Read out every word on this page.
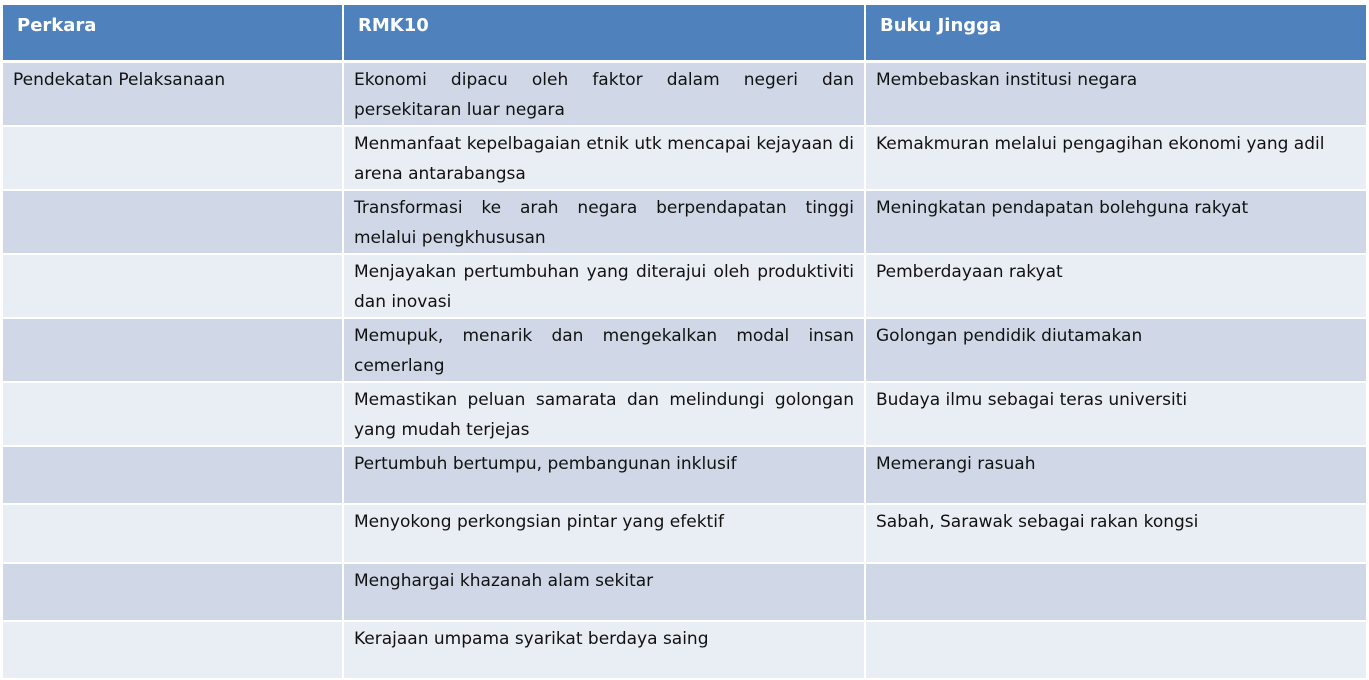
Perkara	RMK10	Buku Jingga
Pendekatan Pelaksanaan	Ekonomi dipacu oleh faktor dalam negeri dan persekitaran luar negara	Membebaskan institusi negara
	Menmanfaat kepelbagaian etnik utk mencapai kejayaan di arena antarabangsa	Kemakmuran melalui pengagihan ekonomi yang adil
	Transformasi ke arah negara berpendapatan tinggi melalui pengkhususan	Meningkatan pendapatan bolehguna rakyat
	Menjayakan pertumbuhan yang diterajui oleh produktiviti dan inovasi	Pemberdayaan rakyat
	Memupuk, menarik dan mengekalkan modal insan cemerlang	Golongan pendidik diutamakan
	Memastikan peluan samarata dan melindungi golongan yang mudah terjejas	Budaya ilmu sebagai teras universiti
	Pertumbuh bertumpu, pembangunan inklusif	Memerangi rasuah
	Menyokong perkongsian pintar yang efektif	Sabah, Sarawak sebagai rakan kongsi
	Menghargai khazanah alam sekitar	
	Kerajaan umpama syarikat berdaya saing	
